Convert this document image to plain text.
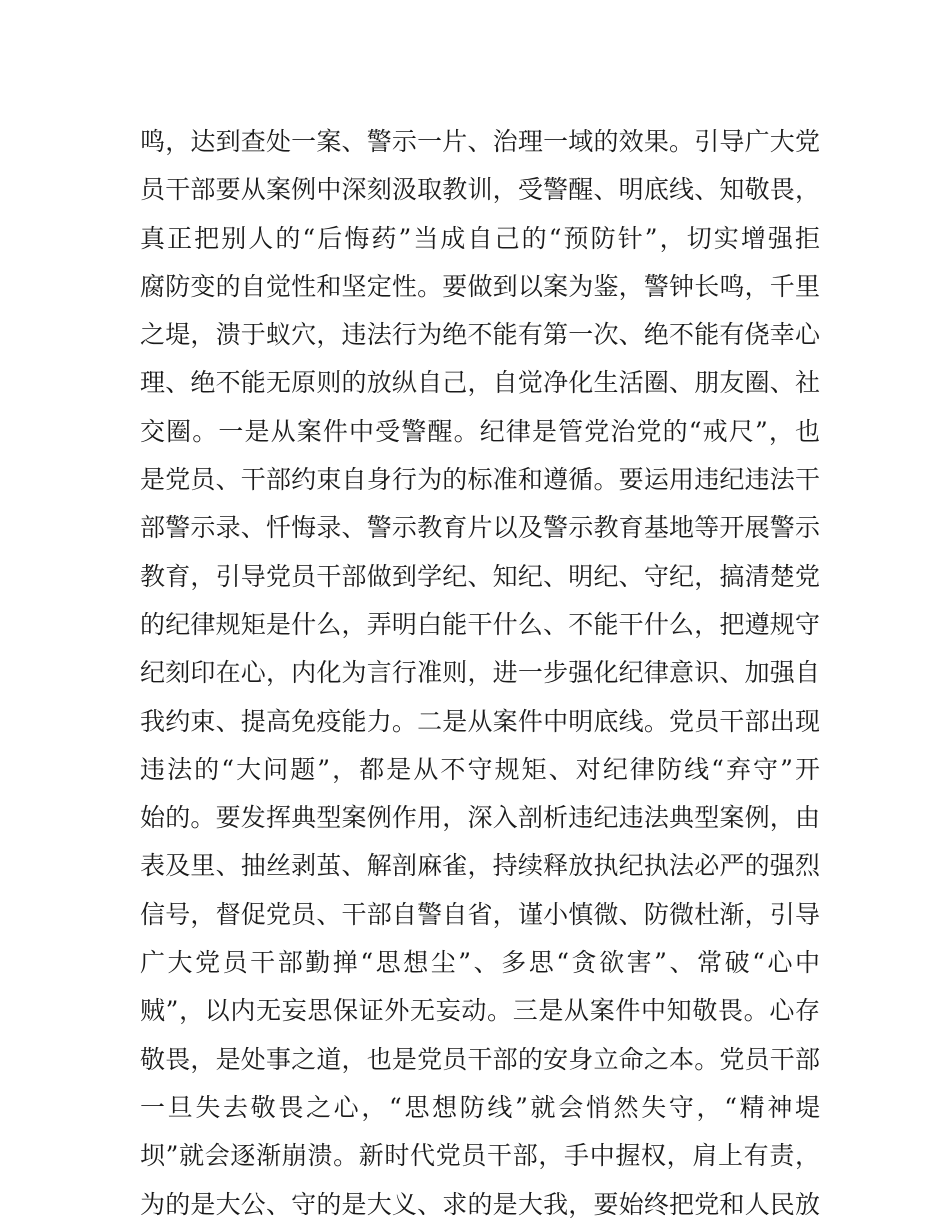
鸣，达到查处一案、警示一片、治理一域的效果。引导广大党
员干部要从案例中深刻汲取教训，受警醒、明底线、知敬畏，
真正把别人的“后悔药”当成自己的“预防针”，切实增强拒
腐防变的自觉性和坚定性。要做到以案为鉴，警钟长鸣，千里
之堤，溃于蚁穴，违法行为绝不能有第一次、绝不能有侥幸心
理、绝不能无原则的放纵自己，自觉净化生活圈、朋友圈、社
交圈。一是从案件中受警醒。纪律是管党治党的“戒尺”，也
是党员、干部约束自身行为的标准和遵循。要运用违纪违法干
部警示录、忏悔录、警示教育片以及警示教育基地等开展警示
教育，引导党员干部做到学纪、知纪、明纪、守纪，搞清楚党
的纪律规矩是什么，弄明白能干什么、不能干什么，把遵规守
纪刻印在心，内化为言行准则，进一步强化纪律意识、加强自
我约束、提高免疫能力。二是从案件中明底线。党员干部出现
违法的“大问题”，都是从不守规矩、对纪律防线“弃守”开
始的。要发挥典型案例作用，深入剖析违纪违法典型案例，由
表及里、抽丝剥茧、解剖麻雀，持续释放执纪执法必严的强烈
信号，督促党员、干部自警自省，谨小慎微、防微杜渐，引导
广大党员干部勤掸“思想尘”、多思“贪欲害”、常破“心中
贼”，以内无妄思保证外无妄动。三是从案件中知敬畏。心存
敬畏，是处事之道，也是党员干部的安身立命之本。党员干部
一旦失去敬畏之心，“思想防线”就会悄然失守，“精神堤
坝”就会逐渐崩溃。新时代党员干部，手中握权，肩上有责，
为的是大公、守的是大义、求的是大我，要始终把党和人民放
